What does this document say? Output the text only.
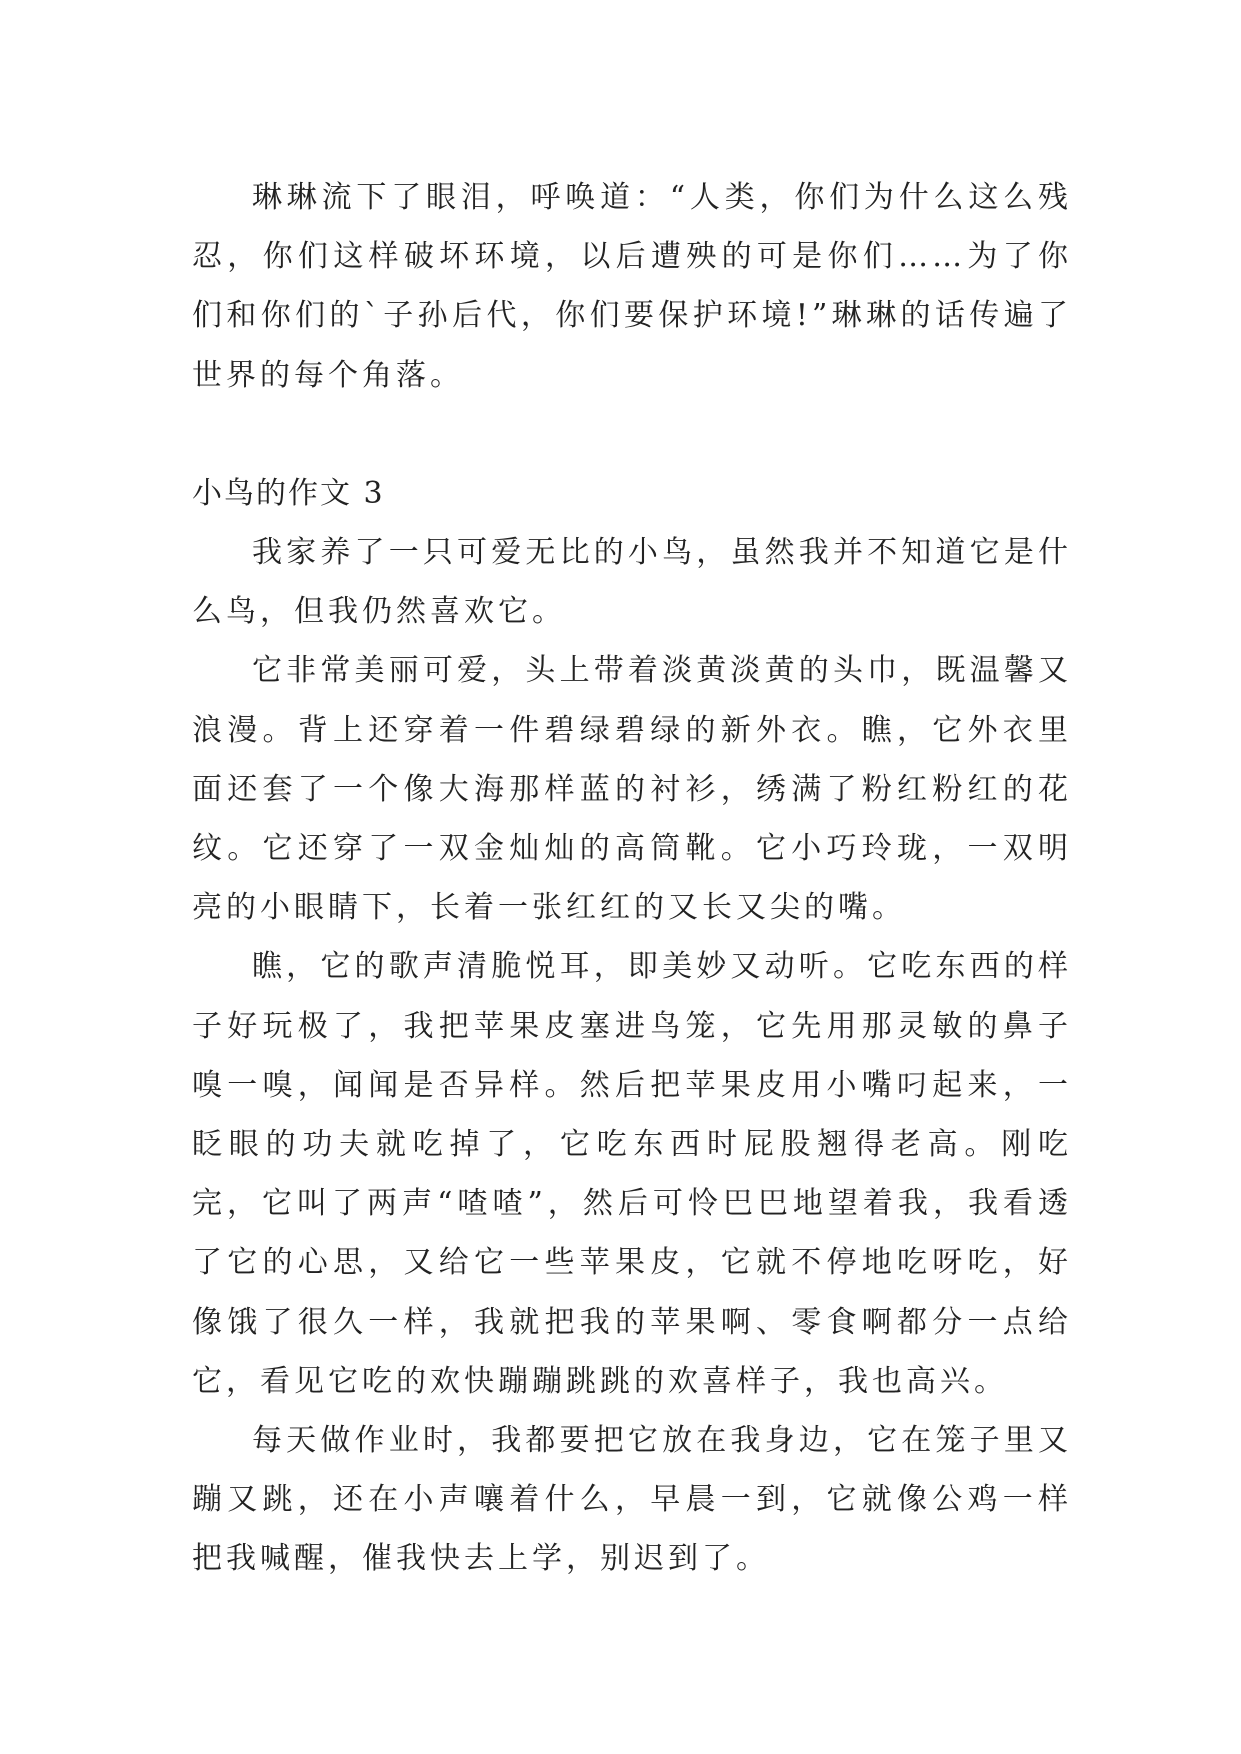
琳琳流下了眼泪，呼唤道：“人类，你们为什么这么残忍，你们这样破坏环境，以后遭殃的可是你们……为了你们和你们的`子孙后代，你们要保护环境!”琳琳的话传遍了世界的每个角落。

小鸟的作文 3

我家养了一只可爱无比的小鸟，虽然我并不知道它是什么鸟，但我仍然喜欢它。

它非常美丽可爱，头上带着淡黄淡黄的头巾，既温馨又浪漫。背上还穿着一件碧绿碧绿的新外衣。瞧，它外衣里面还套了一个像大海那样蓝的衬衫，绣满了粉红粉红的花纹。它还穿了一双金灿灿的高筒靴。它小巧玲珑，一双明亮的小眼睛下，长着一张红红的又长又尖的嘴。

瞧，它的歌声清脆悦耳，即美妙又动听。它吃东西的样子好玩极了，我把苹果皮塞进鸟笼，它先用那灵敏的鼻子嗅一嗅，闻闻是否异样。然后把苹果皮用小嘴叼起来，一眨眼的功夫就吃掉了，它吃东西时屁股翘得老高。刚吃完，它叫了两声“喳喳”，然后可怜巴巴地望着我，我看透了它的心思，又给它一些苹果皮，它就不停地吃呀吃，好像饿了很久一样，我就把我的苹果啊、零食啊都分一点给它，看见它吃的欢快蹦蹦跳跳的欢喜样子，我也高兴。

每天做作业时，我都要把它放在我身边，它在笼子里又蹦又跳，还在小声嚷着什么，早晨一到，它就像公鸡一样把我喊醒，催我快去上学，别迟到了。
